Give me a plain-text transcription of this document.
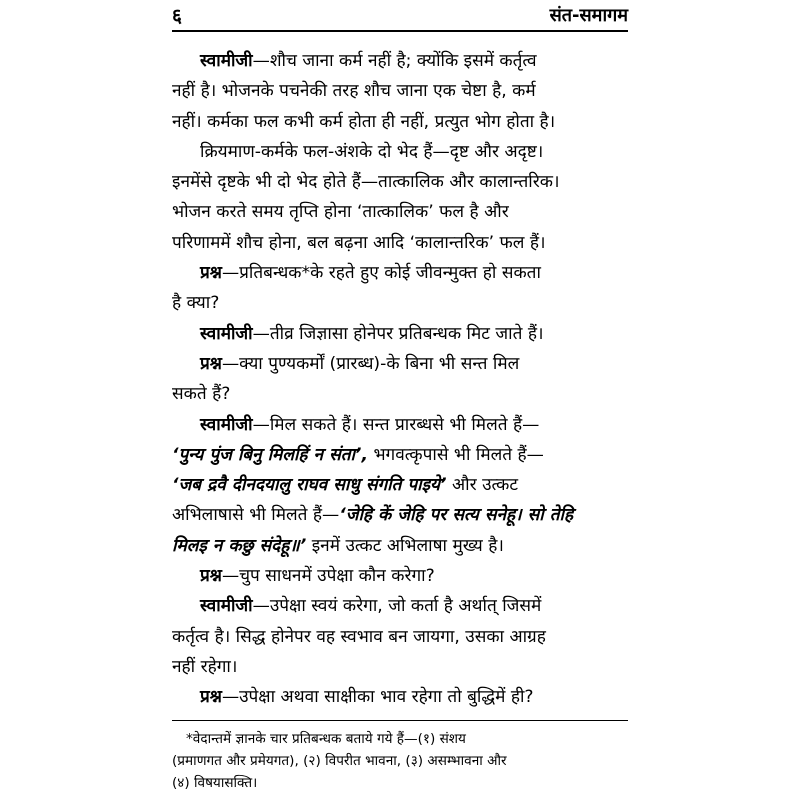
६	संत-समागम
स्वामीजी—शौच जाना कर्म नहीं है; क्योंकि इसमें कर्तृत्व
नहीं है। भोजनके पचनेकी तरह शौच जाना एक चेष्टा है, कर्म
नहीं। कर्मका फल कभी कर्म होता ही नहीं, प्रत्युत भोग होता है।
क्रियमाण-कर्मके फल-अंशके दो भेद हैं—दृष्ट और अदृष्ट।
इनमेंसे दृष्टके भी दो भेद होते हैं—तात्कालिक और कालान्तरिक।
भोजन करते समय तृप्ति होना ‘तात्कालिक’ फल है और
परिणाममें शौच होना, बल बढ़ना आदि ‘कालान्तरिक’ फल हैं।
प्रश्न—प्रतिबन्धक*के रहते हुए कोई जीवन्मुक्त हो सकता
है क्या?
स्वामीजी—तीव्र जिज्ञासा होनेपर प्रतिबन्धक मिट जाते हैं।
प्रश्न—क्या पुण्यकर्मों (प्रारब्ध)-के बिना भी सन्त मिल
सकते हैं?
स्वामीजी—मिल सकते हैं। सन्त प्रारब्धसे भी मिलते हैं—
‘पुन्य पुंज बिनु मिलहिं न संता’, भगवत्कृपासे भी मिलते हैं—
‘जब द्रवै दीनदयालु राघव साधु संगति पाइये’ और उत्कट
अभिलाषासे भी मिलते हैं—‘जेहि कें जेहि पर सत्य सनेहू। सो तेहि
मिलइ न कछु संदेहू॥’ इनमें उत्कट अभिलाषा मुख्य है।
प्रश्न—चुप साधनमें उपेक्षा कौन करेगा?
स्वामीजी—उपेक्षा स्वयं करेगा, जो कर्ता है अर्थात् जिसमें
कर्तृत्व है। सिद्ध होनेपर वह स्वभाव बन जायगा, उसका आग्रह
नहीं रहेगा।
प्रश्न—उपेक्षा अथवा साक्षीका भाव रहेगा तो बुद्धिमें ही?
*वेदान्तमें ज्ञानके चार प्रतिबन्धक बताये गये हैं—(१) संशय
(प्रमाणगत और प्रमेयगत), (२) विपरीत भावना, (३) असम्भावना और
(४) विषयासक्ति।
